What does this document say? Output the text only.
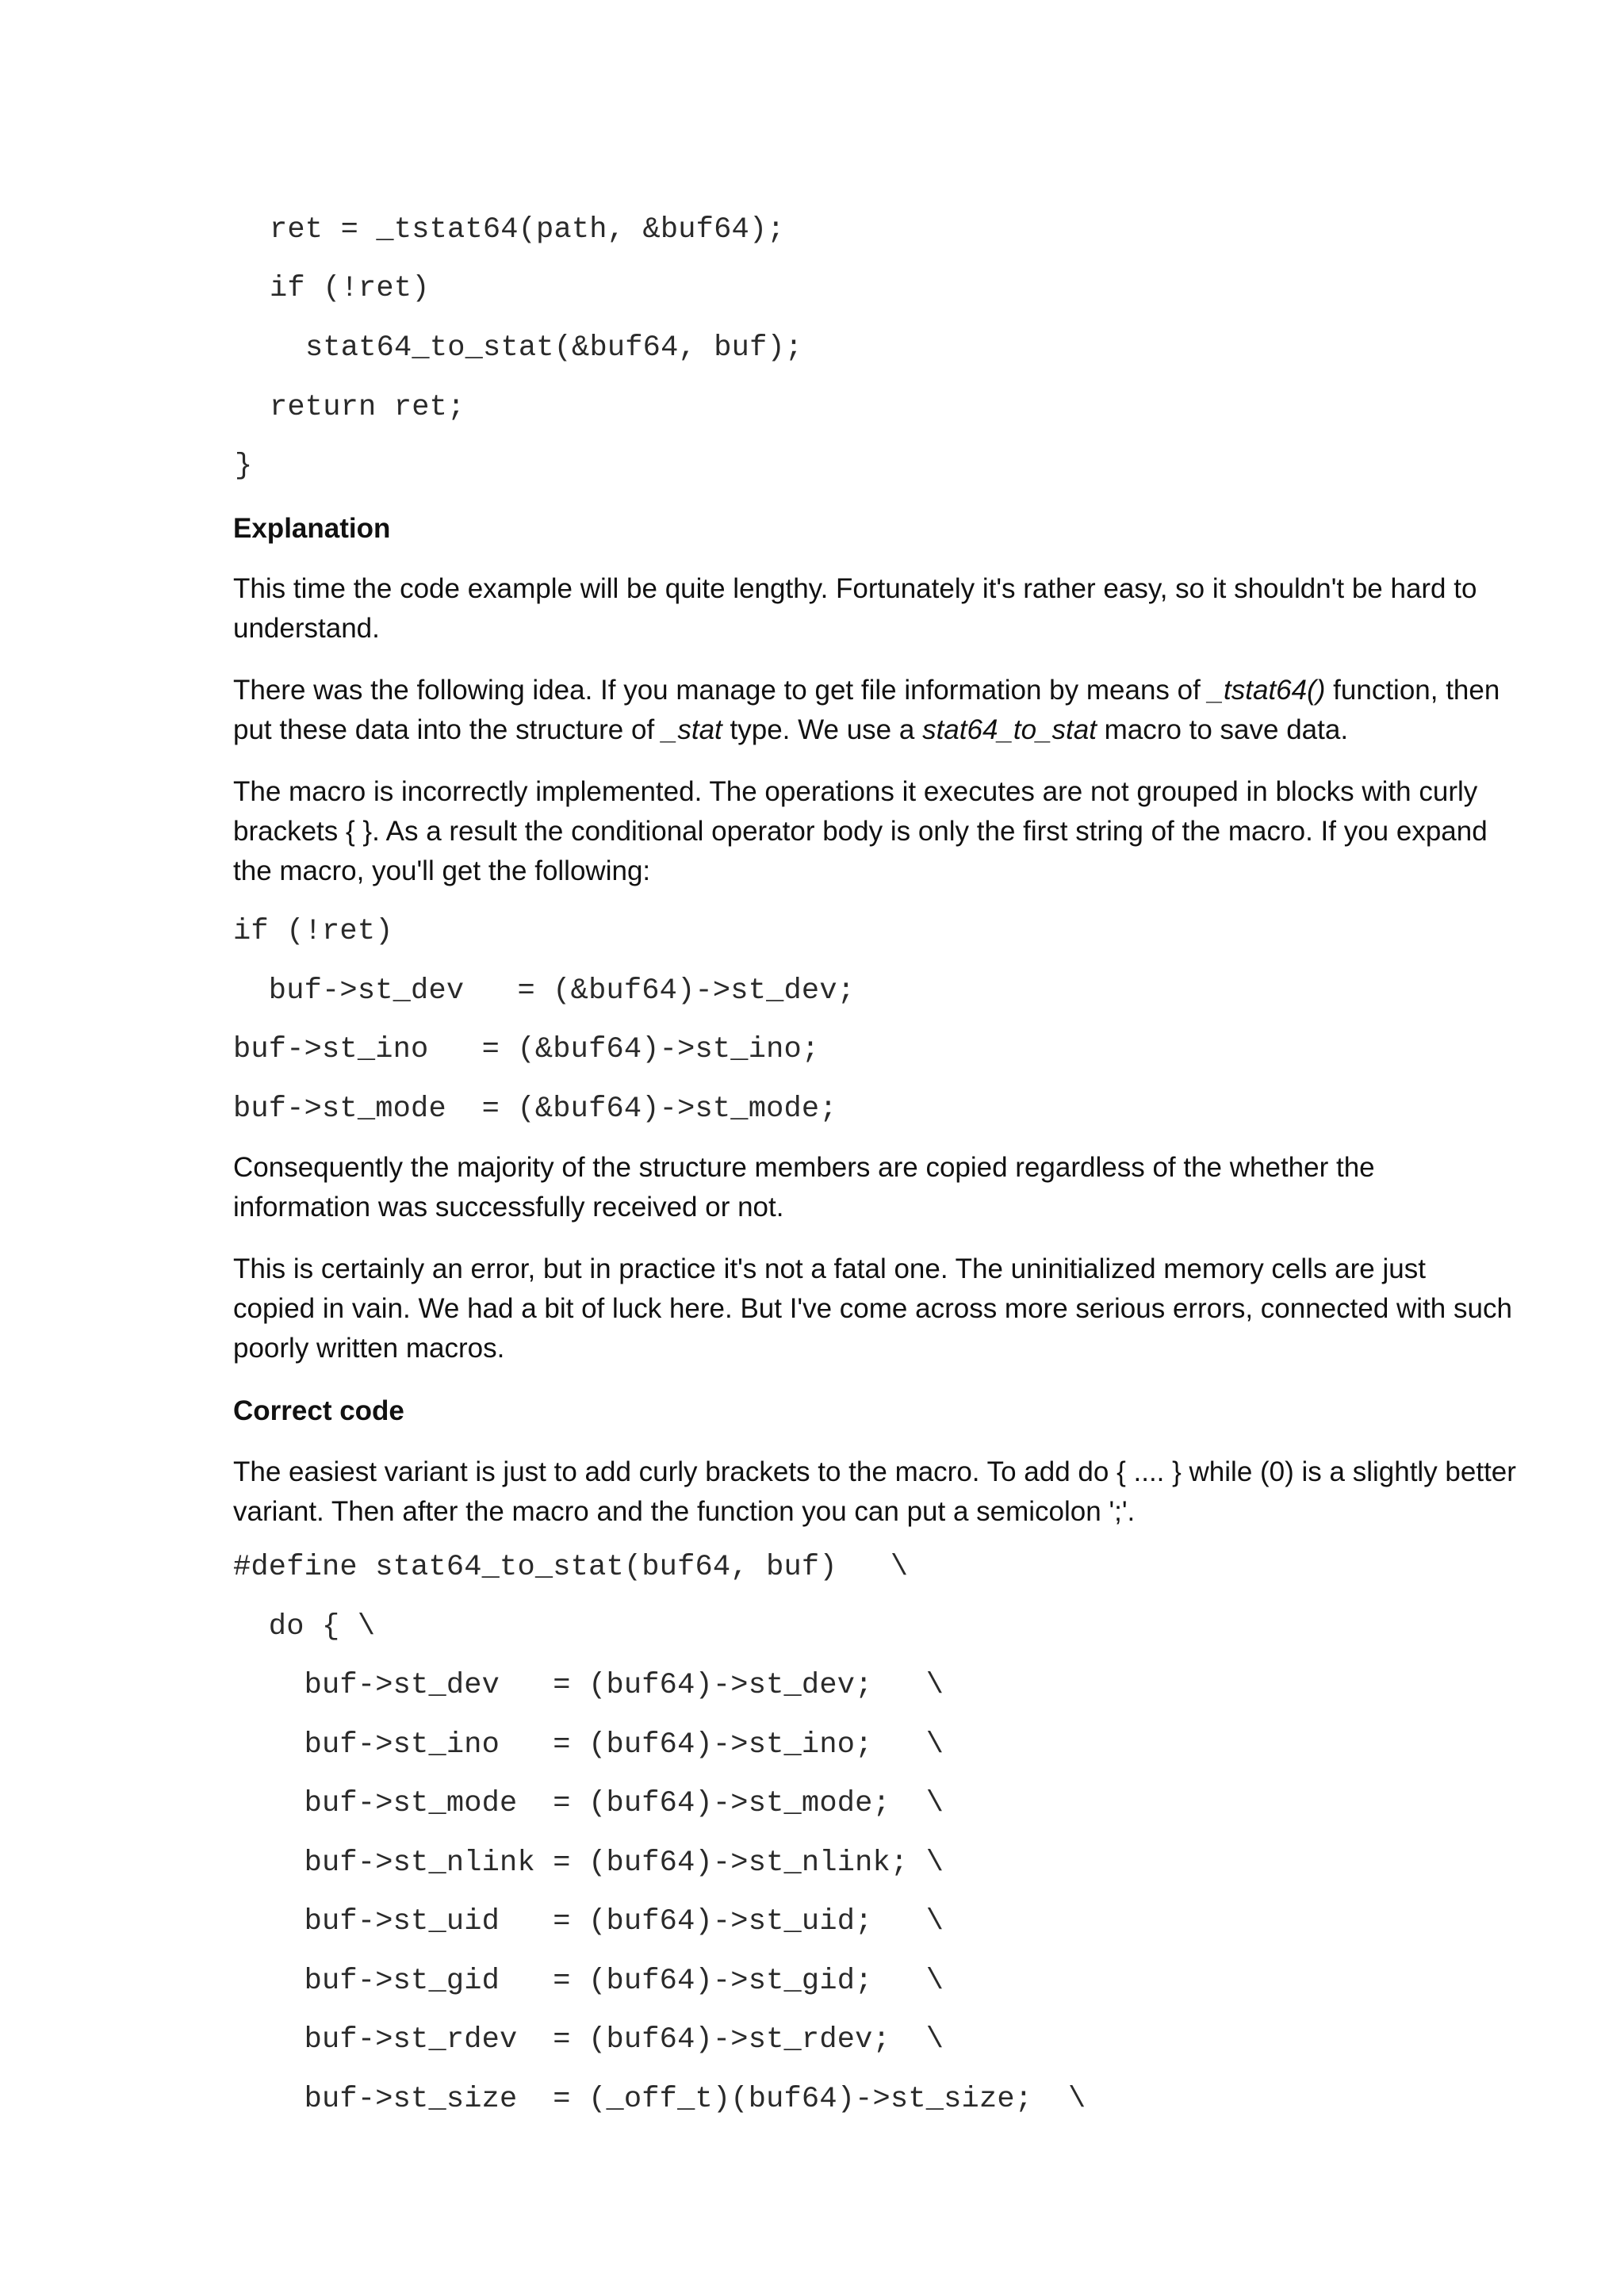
ret = _tstat64(path, &buf64);
if (!ret)
stat64_to_stat(&buf64, buf);
return ret;
}
Explanation
This time the code example will be quite lengthy. Fortunately it's rather easy, so it shouldn't be hard to
understand.
There was the following idea. If you manage to get file information by means of _tstat64() function, then
put these data into the structure of _stat type. We use a stat64_to_stat macro to save data.
The macro is incorrectly implemented. The operations it executes are not grouped in blocks with curly
brackets { }. As a result the conditional operator body is only the first string of the macro. If you expand
the macro, you'll get the following:
if (!ret)
buf->st_dev   = (&buf64)->st_dev;
buf->st_ino   = (&buf64)->st_ino;
buf->st_mode  = (&buf64)->st_mode;
Consequently the majority of the structure members are copied regardless of the whether the
information was successfully received or not.
This is certainly an error, but in practice it's not a fatal one. The uninitialized memory cells are just
copied in vain. We had a bit of luck here. But I've come across more serious errors, connected with such
poorly written macros.
Correct code
The easiest variant is just to add curly brackets to the macro. To add do { .... } while (0) is a slightly better
variant. Then after the macro and the function you can put a semicolon ';'.
#define stat64_to_stat(buf64, buf)   \
do { \
buf->st_dev   = (buf64)->st_dev;   \
buf->st_ino   = (buf64)->st_ino;   \
buf->st_mode  = (buf64)->st_mode;  \
buf->st_nlink = (buf64)->st_nlink; \
buf->st_uid   = (buf64)->st_uid;   \
buf->st_gid   = (buf64)->st_gid;   \
buf->st_rdev  = (buf64)->st_rdev;  \
buf->st_size  = (_off_t)(buf64)->st_size;  \
